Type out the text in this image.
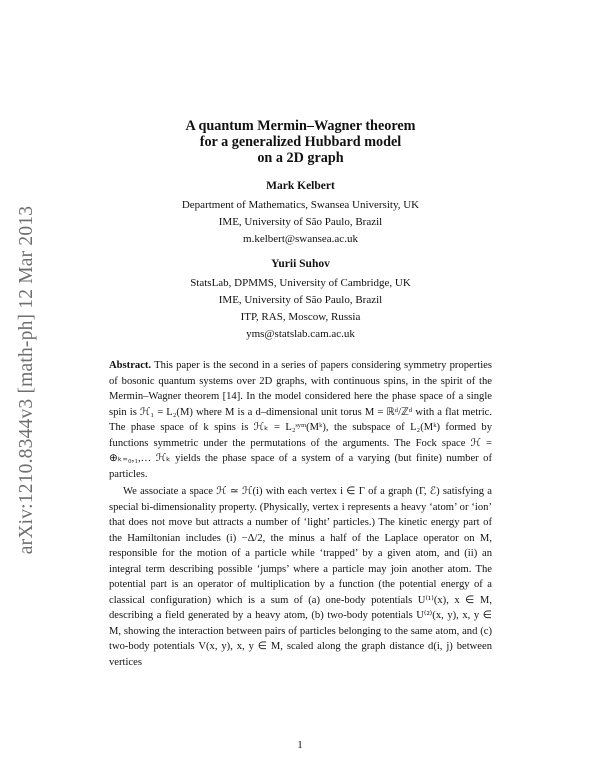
arXiv:1210.8344v3 [math-ph] 12 Mar 2013
A quantum Mermin–Wagner theorem
for a generalized Hubbard model
on a 2D graph
Mark Kelbert
Department of Mathematics, Swansea University, UK
IME, University of São Paulo, Brazil
m.kelbert@swansea.ac.uk
Yurii Suhov
StatsLab, DPMMS, University of Cambridge, UK
IME, University of São Paulo, Brazil
ITP, RAS, Moscow, Russia
yms@statslab.cam.ac.uk

Abstract. This paper is the second in a series of papers considering symmetry properties of bosonic quantum systems over 2D graphs, with continuous spins, in the spirit of the Mermin–Wagner theorem [14]. In the model considered here the phase space of a single spin is ℋ₁ = L₂(M) where M is a d–dimensional unit torus M = ℝᵈ/ℤᵈ with a flat metric. The phase space of k spins is ℋₖ = L₂ˢʸᵐ(Mᵏ), the subspace of L₂(Mᵏ) formed by functions symmetric under the permutations of the arguments. The Fock space ℋ = ⊕ₖ₌₀,₁,… ℋₖ yields the phase space of a system of a varying (but finite) number of particles.

We associate a space ℋ ≃ ℋ(i) with each vertex i ∈ Γ of a graph (Γ, ℰ) satisfying a special bi-dimensionality property. (Physically, vertex i represents a heavy ‘atom’ or ‘ion’ that does not move but attracts a number of ‘light’ particles.) The kinetic energy part of the Hamiltonian includes (i) −Δ/2, the minus a half of the Laplace operator on M, responsible for the motion of a particle while ‘trapped’ by a given atom, and (ii) an integral term describing possible ‘jumps’ where a particle may join another atom. The potential part is an operator of multiplication by a function (the potential energy of a classical configuration) which is a sum of (a) one-body potentials U⁽¹⁾(x), x ∈ M, describing a field generated by a heavy atom, (b) two-body potentials U⁽²⁾(x, y), x, y ∈ M, showing the interaction between pairs of particles belonging to the same atom, and (c) two-body potentials V(x, y), x, y ∈ M, scaled along the graph distance d(i, j) between vertices

1
